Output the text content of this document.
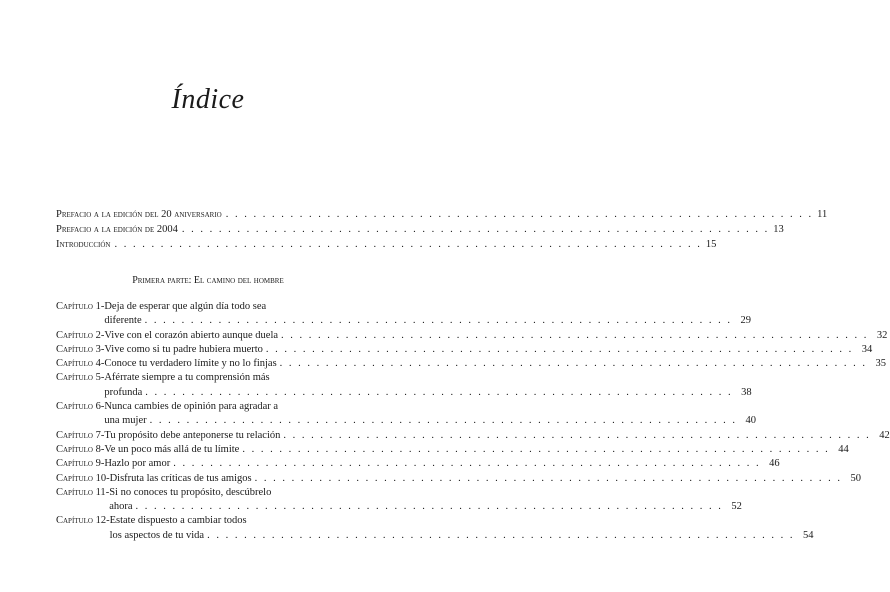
Índice
Prefacio a la edición del 20 aniversario . . .	11
Prefacio a la edición de 2004 . . .	13
Introducción . . .	15
Primera parte: El camino del hombre
Capítulo 1 - Deja de esperar que algún día todo sea
diferente . . .	29
Capítulo 2 - Vive con el corazón abierto aunque duela . . .	32
Capítulo 3 - Vive como si tu padre hubiera muerto . . .	34
Capítulo 4 - Conoce tu verdadero límite y no lo finjas . . .	35
Capítulo 5 - Aférrate siempre a tu comprensión más
profunda . . .	38
Capítulo 6 - Nunca cambies de opinión para agradar a
una mujer . . .	40
Capítulo 7 - Tu propósito debe anteponerse tu relación . . .	42
Capítulo 8 - Ve un poco más allá de tu límite . . .	44
Capítulo 9 - Hazlo por amor . . .	46
Capítulo 10 - Disfruta las críticas de tus amigos . . .	50
Capítulo 11 - Si no conoces tu propósito, descúbrelo
ahora . . .	52
Capítulo 12 - Estate dispuesto a cambiar todos
los aspectos de tu vida . . .	54
